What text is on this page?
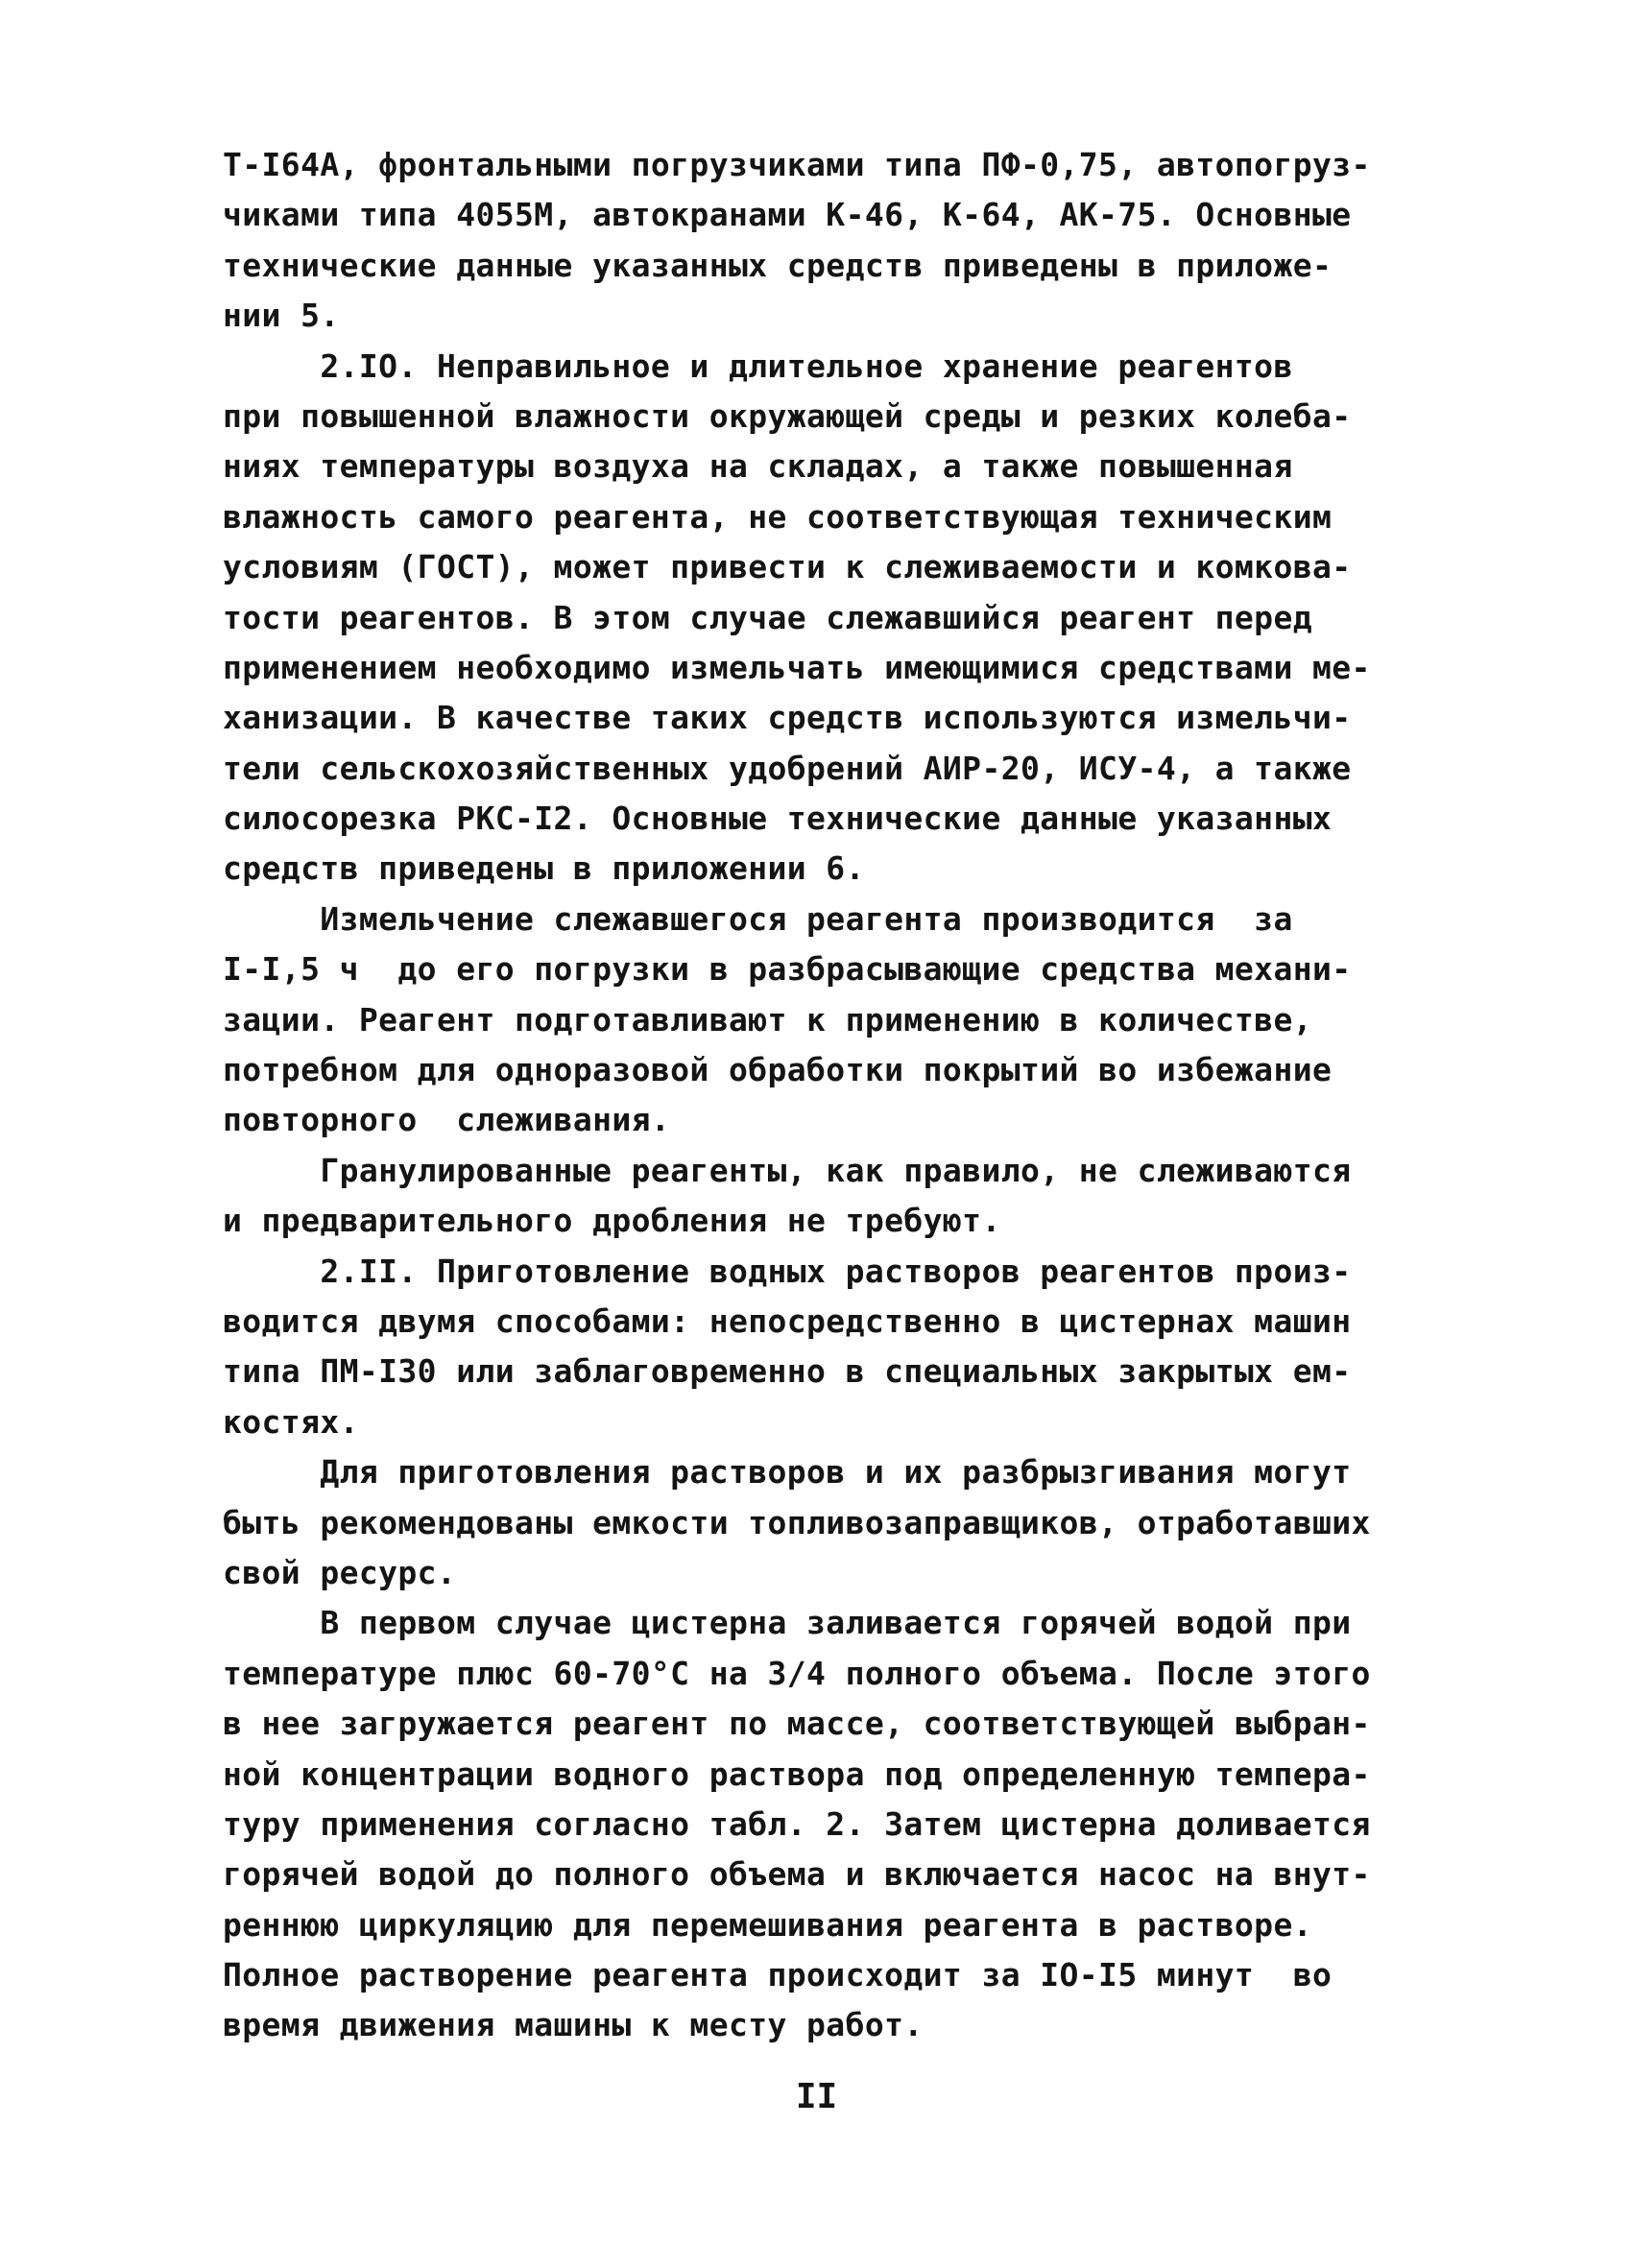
Т-I64А, фронтальными погрузчиками типа ПФ-0,75, автопогруз-
чиками типа 4055М, автокранами К-46, К-64, АК-75. Основные
технические данные указанных средств приведены в приложе-
нии 5.
2.IO. Неправильное и длительное хранение реагентов
при повышенной влажности окружающей среды и резких колеба-
ниях температуры воздуха на складах, а также повышенная
влажность самого реагента, не соответствующая техническим
условиям (ГОСТ), может привести к слеживаемости и комкова-
тости реагентов. В этом случае слежавшийся реагент перед
применением необходимо измельчать имеющимися средствами ме-
ханизации. В качестве таких средств используются измельчи-
тели сельскохозяйственных удобрений АИР-20, ИСУ-4, а также
силосорезка РКС-I2. Основные технические данные указанных
средств приведены в приложении 6.
Измельчение слежавшегося реагента производится  за
I-I,5 ч  до его погрузки в разбрасывающие средства механи-
зации. Реагент подготавливают к применению в количестве,
потребном для одноразовой обработки покрытий во избежание
повторного  слеживания.
Гранулированные реагенты, как правило, не слеживаются
и предварительного дробления не требуют.
2.II. Приготовление водных растворов реагентов произ-
водится двумя способами: непосредственно в цистернах машин
типа ПМ-I30 или заблаговременно в специальных закрытых ем-
костях.
Для приготовления растворов и их разбрызгивания могут
быть рекомендованы емкости топливозаправщиков, отработавших
свой ресурс.
В первом случае цистерна заливается горячей водой при
температуре плюс 60-70°С на 3/4 полного объема. После этого
в нее загружается реагент по массе, соответствующей выбран-
ной концентрации водного раствора под определенную темпера-
туру применения согласно табл. 2. Затем цистерна доливается
горячей водой до полного объема и включается насос на внут-
реннюю циркуляцию для перемешивания реагента в растворе.
Полное растворение реагента происходит за IO-I5 минут  во
время движения машины к месту работ.
II
